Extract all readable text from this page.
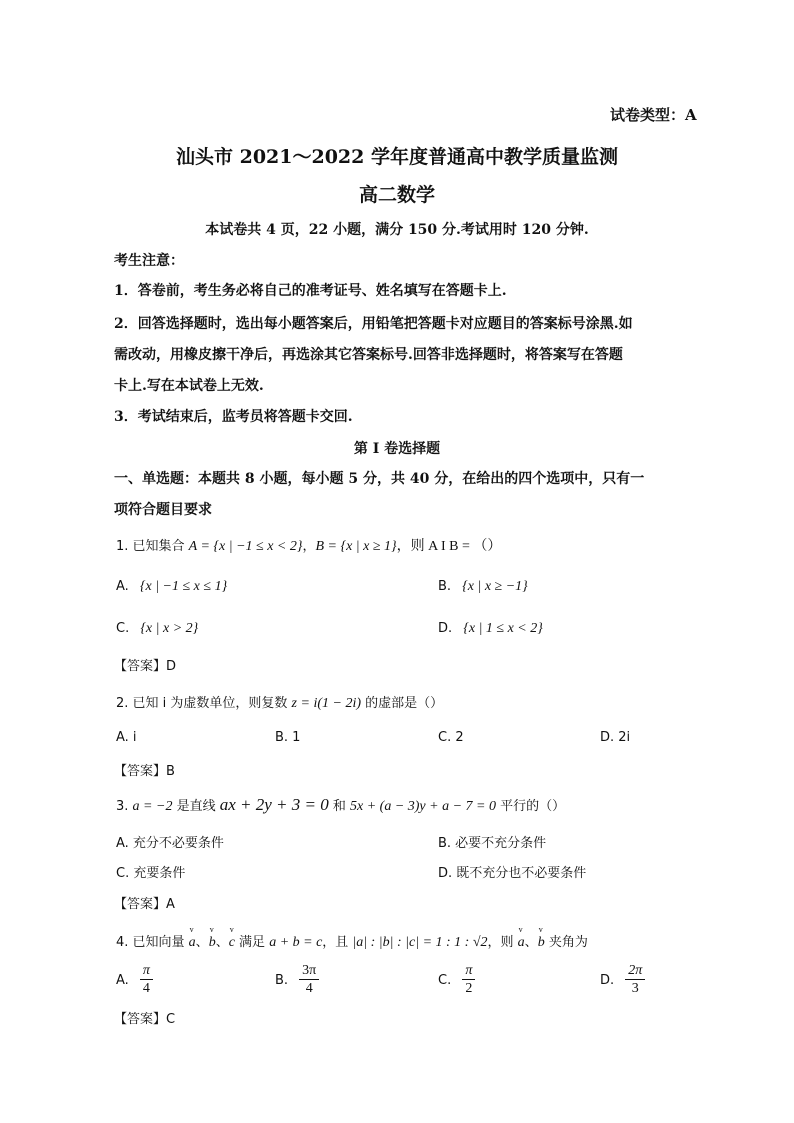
试卷类型：A
汕头市 2021～2022 学年度普通高中教学质量监测
高二数学
本试卷共 4 页，22 小题，满分 150 分.考试用时 120 分钟.
考生注意：
1．答卷前，考生务必将自己的准考证号、姓名填写在答题卡上.
2．回答选择题时，选出每小题答案后，用铅笔把答题卡对应题目的答案标号涂黑.如
需改动，用橡皮擦干净后，再选涂其它答案标号.回答非选择题时，将答案写在答题
卡上.写在本试卷上无效.
3．考试结束后，监考员将答题卡交回.
第 I 卷选择题
一、单选题：本题共 8 小题，每小题 5 分，共 40 分，在给出的四个选项中，只有一
项符合题目要求
1. 已知集合 A = {x | −1 ≤ x < 2}，B = {x | x ≥ 1}，则 A I B = （）
A. {x | −1 ≤ x ≤ 1}	B. {x | x ≥ −1}
C. {x | x > 2}	D. {x | 1 ≤ x < 2}
【答案】D
2. 已知 i 为虚数单位，则复数 z = i(1 − 2i) 的虚部是（）
A. i	B. 1	C. 2	D. 2i
【答案】B
3. a = −2 是直线 ax + 2y + 3 = 0 和 5x + (a − 3)y + a − 7 = 0 平行的（）
A. 充分不必要条件	B. 必要不充分条件
C. 充要条件	D. 既不充分也不必要条件
【答案】A
4. 已知向量 v a、v b、v c 满足 a + b = c，且 |a| : |b| : |c| = 1 : 1 : √2，则 v a、v b 夹角为
A. $\frac{\pi}{4}$	B. $\frac{3\pi}{4}$	C. $\frac{\pi}{2}$	D. $\frac{2\pi}{3}$
【答案】C
